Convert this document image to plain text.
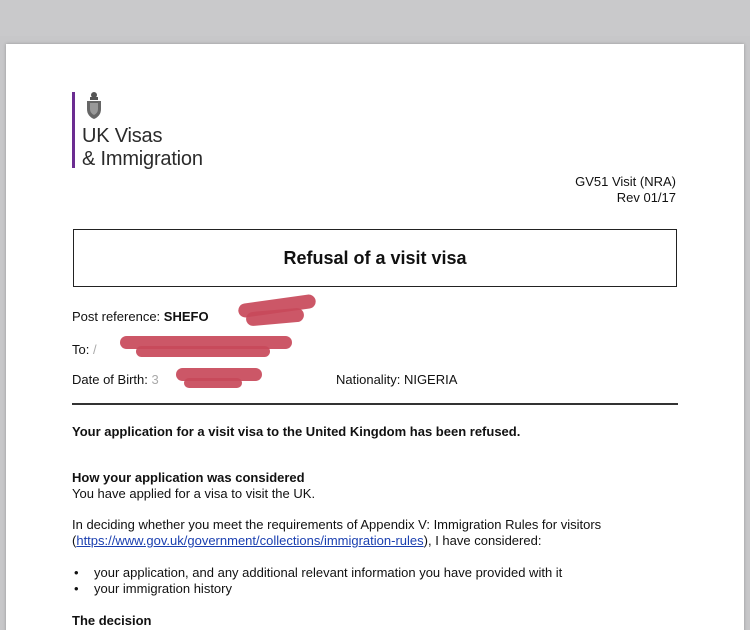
UK Visas
& Immigration
GV51 Visit (NRA)
Rev 01/17
Refusal of a visit visa
Post reference: SHEFO
To: /
Date of Birth: 3	Nationality: NIGERIA
Your application for a visit visa to the United Kingdom has been refused.
How your application was considered
You have applied for a visa to visit the UK.
In deciding whether you meet the requirements of Appendix V: Immigration Rules for visitors
(https://www.gov.uk/government/collections/immigration-rules), I have considered:
• your application, and any additional relevant information you have provided with it
• your immigration history
The decision
